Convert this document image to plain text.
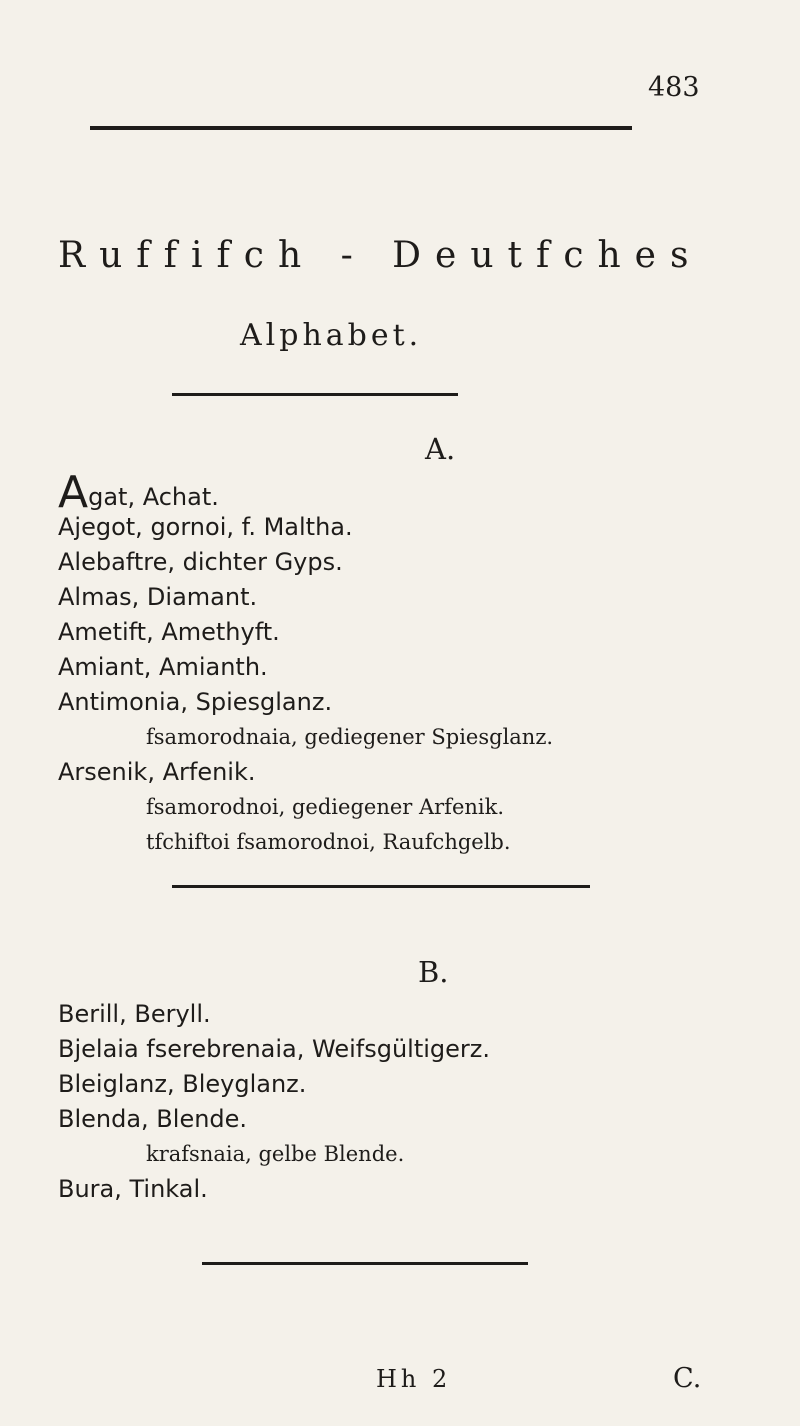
483
Ruffifch - Deutfches
Alphabet.
A.
Agat, Achat.
Ajegot, gornoi, f. Maltha.
Alebaftre, dichter Gyps.
Almas, Diamant.
Ametift, Amethyft.
Amiant, Amianth.
Antimonia, Spiesglanz.
fsamorodnaia, gediegener Spiesglanz.
Arsenik, Arfenik.
fsamorodnoi, gediegener Arfenik.
tfchiftoi fsamorodnoi, Raufchgelb.
B.
Berill, Beryll.
Bjelaia fserebrenaia, Weifsgültigerz.
Bleiglanz, Bleyglanz.
Blenda, Blende.
krafsnaia, gelbe Blende.
Bura, Tinkal.
Hh 2	C.
